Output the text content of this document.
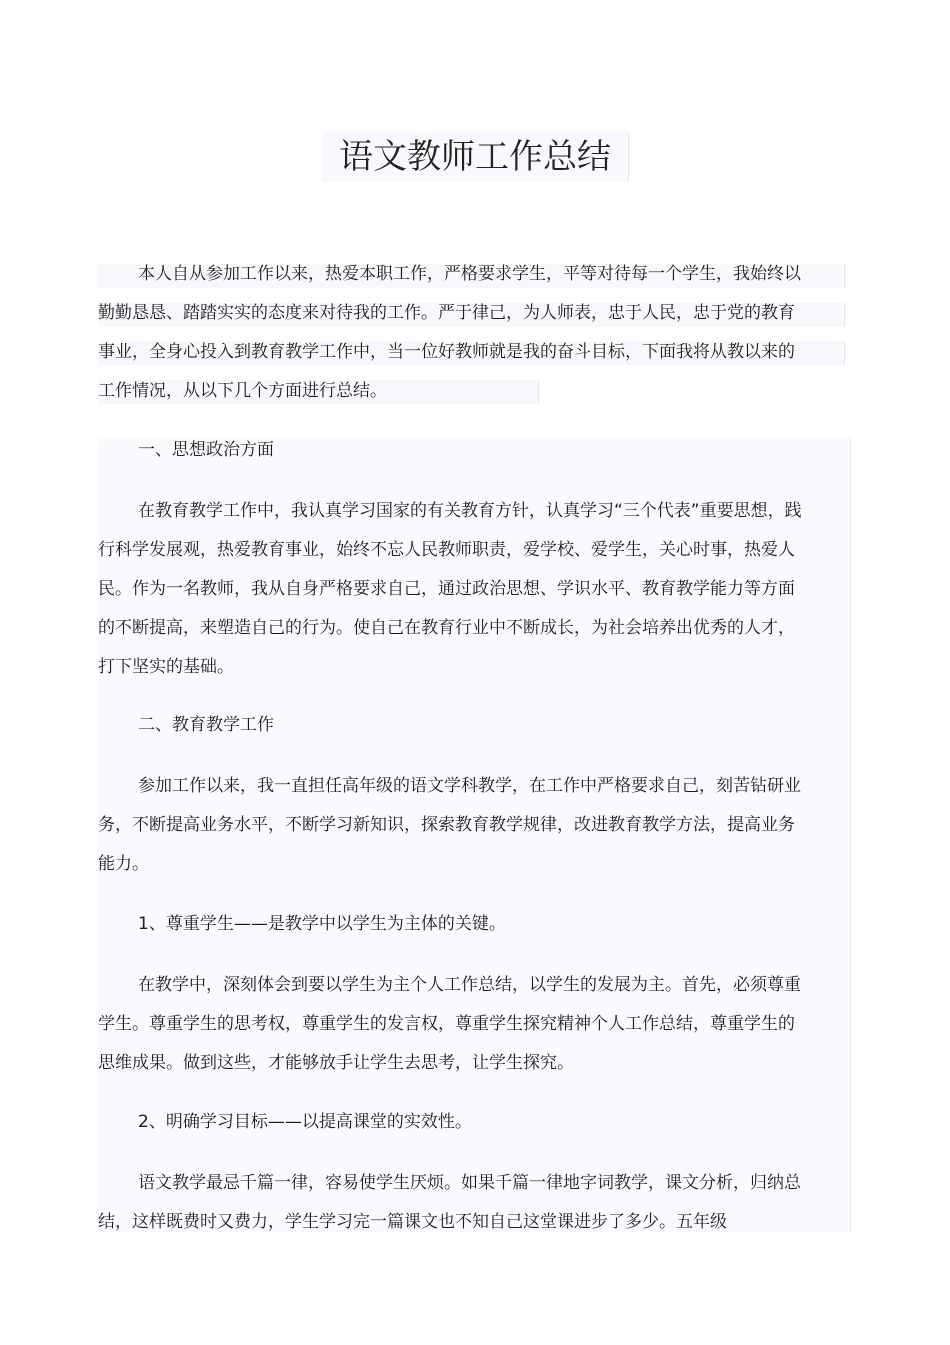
语文教师工作总结

本人自从参加工作以来，热爱本职工作，严格要求学生，平等对待每一个学生，我始终以勤勤恳恳、踏踏实实的态度来对待我的工作。严于律己，为人师表，忠于人民，忠于党的教育事业，全身心投入到教育教学工作中，当一位好教师就是我的奋斗目标，下面我将从教以来的工作情况，从以下几个方面进行总结。

一、思想政治方面

在教育教学工作中，我认真学习国家的有关教育方针，认真学习“三个代表”重要思想，践行科学发展观，热爱教育事业，始终不忘人民教师职责，爱学校、爱学生，关心时事，热爱人民。作为一名教师，我从自身严格要求自己，通过政治思想、学识水平、教育教学能力等方面的不断提高，来塑造自己的行为。使自己在教育行业中不断成长，为社会培养出优秀的人才，打下坚实的基础。

二、教育教学工作

参加工作以来，我一直担任高年级的语文学科教学，在工作中严格要求自己，刻苦钻研业务，不断提高业务水平，不断学习新知识，探索教育教学规律，改进教育教学方法，提高业务能力。

1、尊重学生——是教学中以学生为主体的关键。

在教学中，深刻体会到要以学生为主个人工作总结，以学生的发展为主。首先，必须尊重学生。尊重学生的思考权，尊重学生的发言权，尊重学生探究精神个人工作总结，尊重学生的思维成果。做到这些，才能够放手让学生去思考，让学生探究。

2、明确学习目标——以提高课堂的实效性。

语文教学最忌千篇一律，容易使学生厌烦。如果千篇一律地字词教学，课文分析，归纳总结，这样既费时又费力，学生学习完一篇课文也不知自己这堂课进步了多少。五年级
